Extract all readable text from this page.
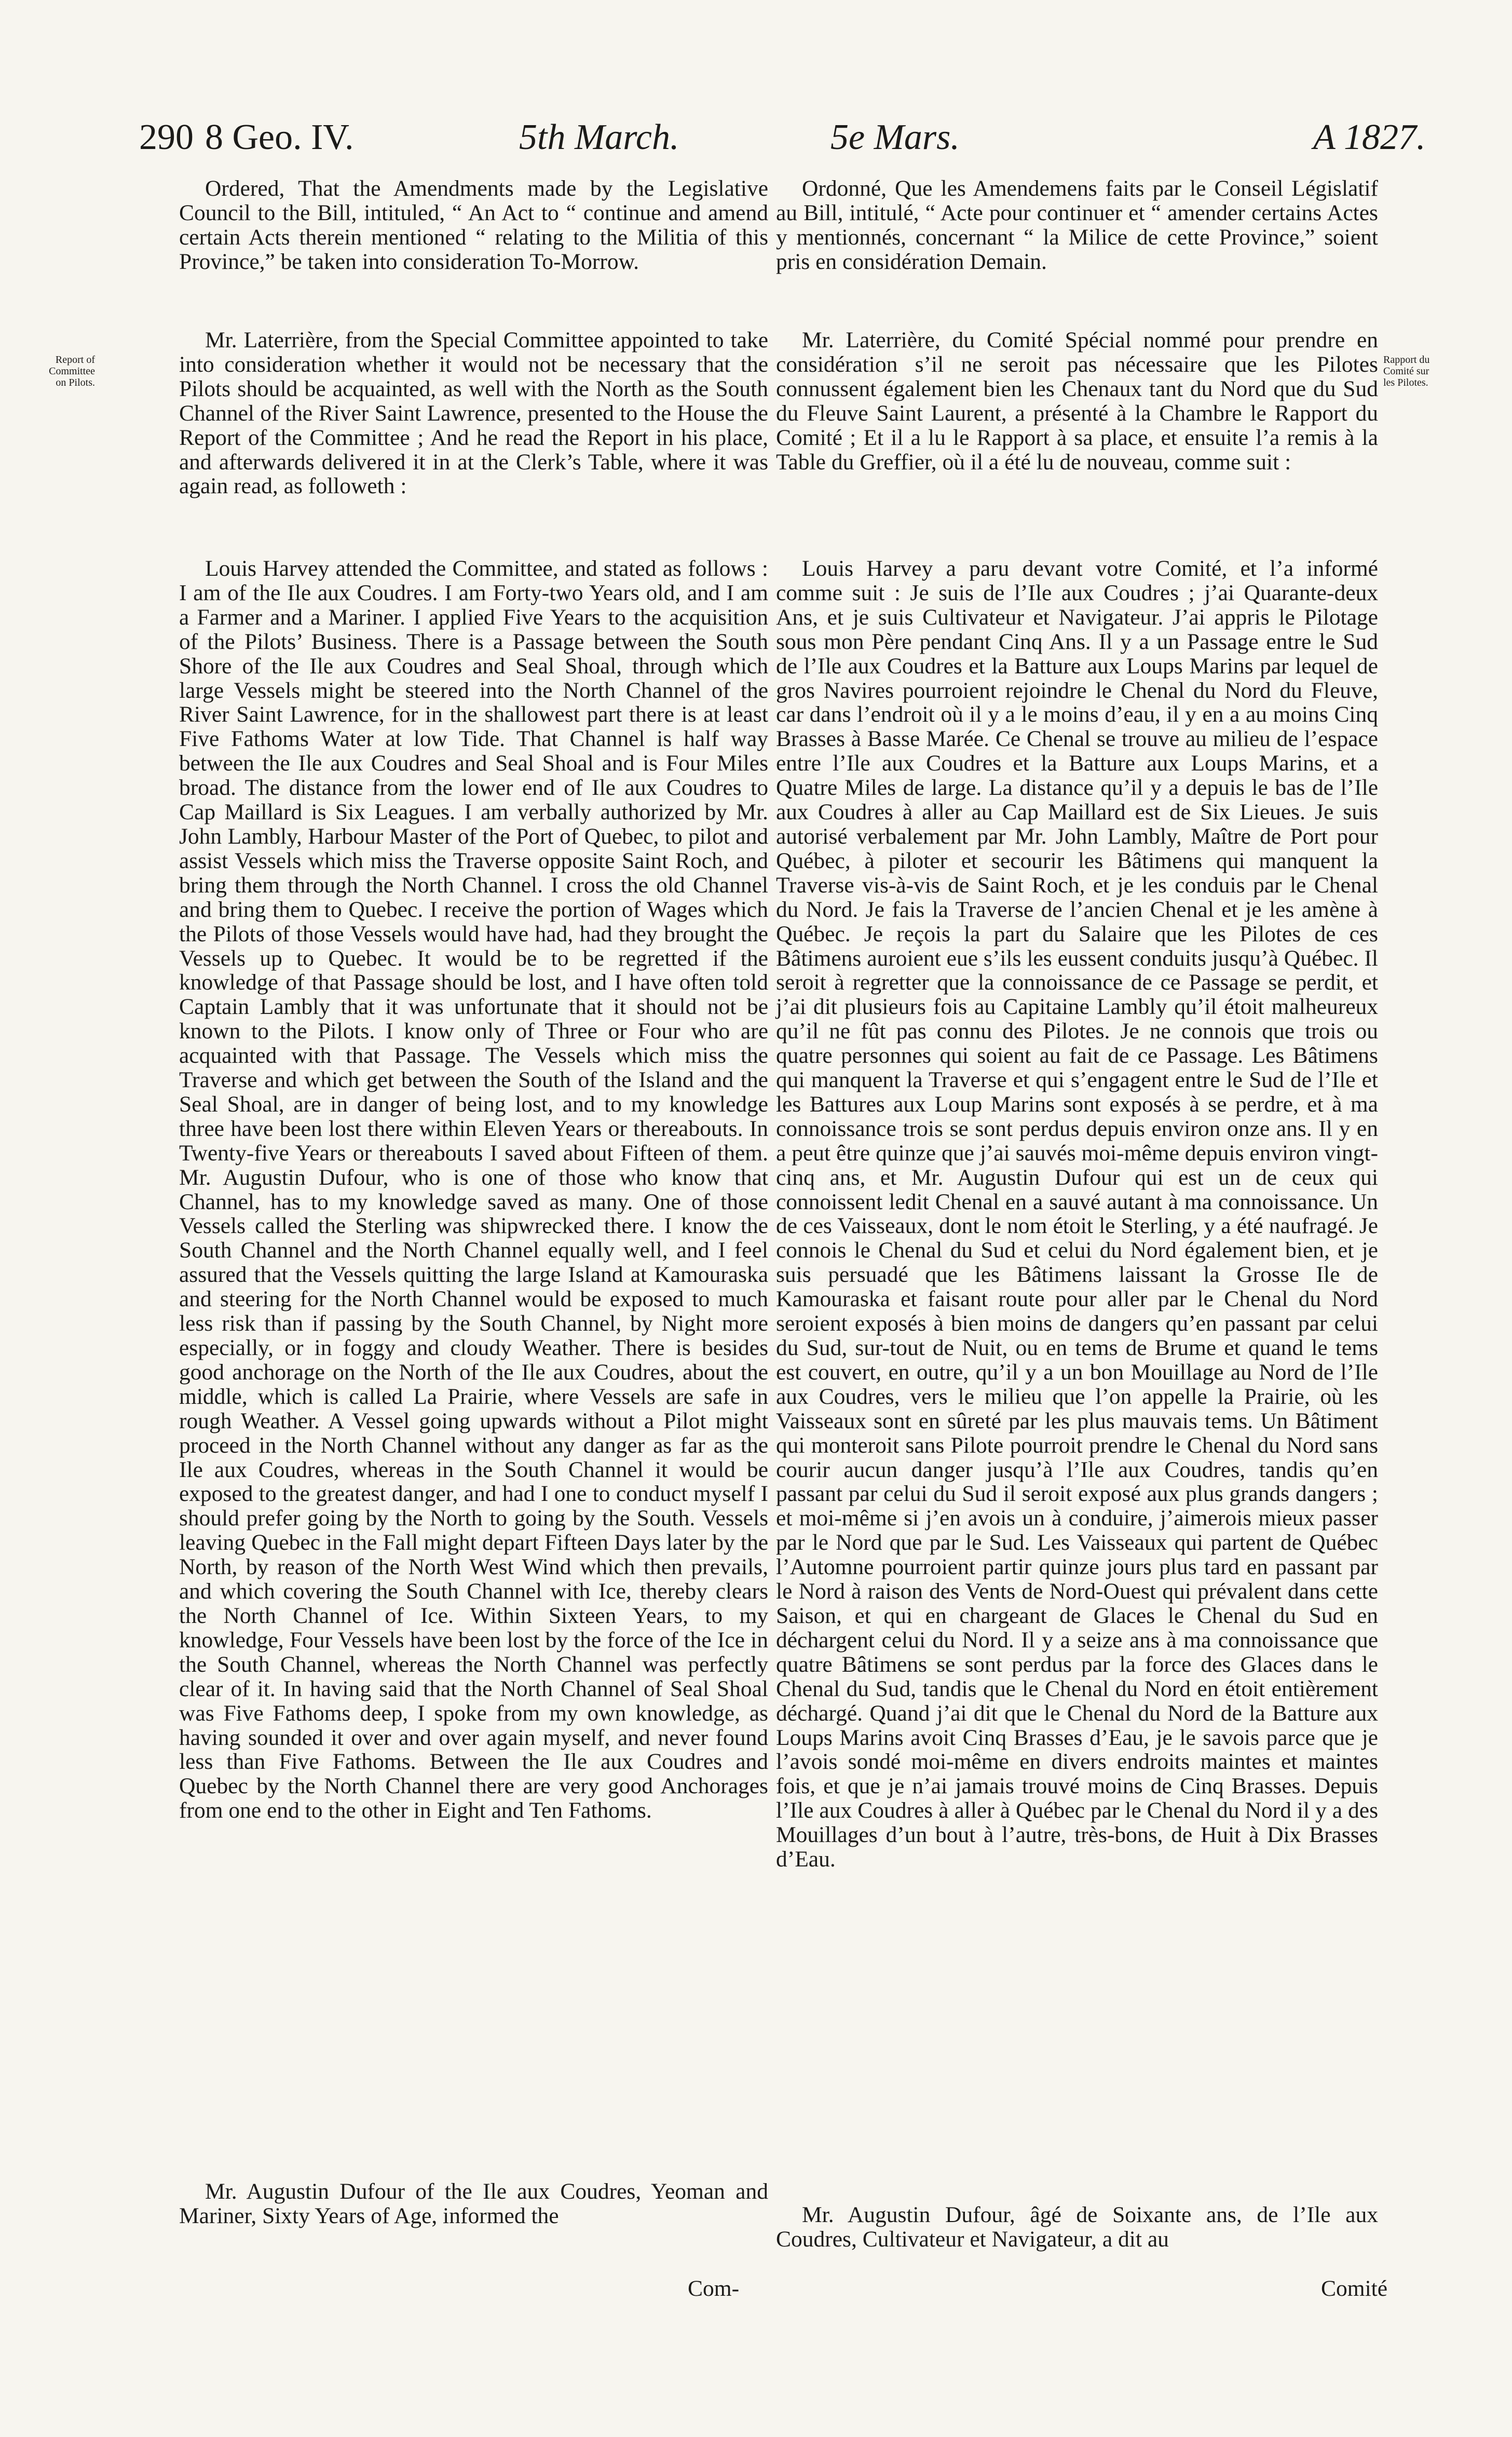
290 8 Geo. IV.	5th March.	5e Mars.	A 1827.
Report of Committee on Pilots.
Rapport du Comité sur les Pilotes.

Ordered, That the Amendments made by the Legislative Council to the Bill, intituled, “ An Act to “ continue and amend certain Acts therein mentioned “ relating to the Militia of this Province,” be taken into consideration To-Morrow.

Mr. Laterrière, from the Special Committee appointed to take into consideration whether it would not be necessary that the Pilots should be acquainted, as well with the North as the South Channel of the River Saint Lawrence, presented to the House the Report of the Committee ; And he read the Report in his place, and afterwards delivered it in at the Clerk’s Table, where it was again read, as followeth :

Louis Harvey attended the Committee, and stated as follows : I am of the Ile aux Coudres. I am Forty-two Years old, and I am a Farmer and a Mariner. I applied Five Years to the acquisition of the Pilots’ Business. There is a Passage between the South Shore of the Ile aux Coudres and Seal Shoal, through which large Vessels might be steered into the North Channel of the River Saint Lawrence, for in the shallowest part there is at least Five Fathoms Water at low Tide. That Channel is half way between the Ile aux Coudres and Seal Shoal and is Four Miles broad. The distance from the lower end of Ile aux Coudres to Cap Maillard is Six Leagues. I am verbally authorized by Mr. John Lambly, Harbour Master of the Port of Quebec, to pilot and assist Vessels which miss the Traverse opposite Saint Roch, and bring them through the North Channel. I cross the old Channel and bring them to Quebec. I receive the portion of Wages which the Pilots of those Vessels would have had, had they brought the Vessels up to Quebec. It would be to be regretted if the knowledge of that Passage should be lost, and I have often told Captain Lambly that it was unfortunate that it should not be known to the Pilots. I know only of Three or Four who are acquainted with that Passage. The Vessels which miss the Traverse and which get between the South of the Island and the Seal Shoal, are in danger of being lost, and to my knowledge three have been lost there within Eleven Years or thereabouts. In Twenty-five Years or thereabouts I saved about Fifteen of them. Mr. Augustin Dufour, who is one of those who know that Channel, has to my knowledge saved as many. One of those Vessels called the Sterling was shipwrecked there. I know the South Channel and the North Channel equally well, and I feel assured that the Vessels quitting the large Island at Kamouraska and steering for the North Channel would be exposed to much less risk than if passing by the South Channel, by Night more especially, or in foggy and cloudy Weather. There is besides good anchorage on the North of the Ile aux Coudres, about the middle, which is called La Prairie, where Vessels are safe in rough Weather. A Vessel going upwards without a Pilot might proceed in the North Channel without any danger as far as the Ile aux Coudres, whereas in the South Channel it would be exposed to the greatest danger, and had I one to conduct myself I should prefer going by the North to going by the South. Vessels leaving Quebec in the Fall might depart Fifteen Days later by the North, by reason of the North West Wind which then prevails, and which covering the South Channel with Ice, thereby clears the North Channel of Ice. Within Sixteen Years, to my knowledge, Four Vessels have been lost by the force of the Ice in the South Channel, whereas the North Channel was perfectly clear of it. In having said that the North Channel of Seal Shoal was Five Fathoms deep, I spoke from my own knowledge, as having sounded it over and over again myself, and never found less than Five Fathoms. Between the Ile aux Coudres and Quebec by the North Channel there are very good Anchorages from one end to the other in Eight and Ten Fathoms.

Mr. Augustin Dufour of the Ile aux Coudres, Yeoman and Mariner, Sixty Years of Age, informed the

Com-

Ordonné, Que les Amendemens faits par le Conseil Législatif au Bill, intitulé, “ Acte pour continuer et “ amender certains Actes y mentionnés, concernant “ la Milice de cette Province,” soient pris en considération Demain.

Mr. Laterrière, du Comité Spécial nommé pour prendre en considération s’il ne seroit pas nécessaire que les Pilotes connussent également bien les Chenaux tant du Nord que du Sud du Fleuve Saint Laurent, a présenté à la Chambre le Rapport du Comité ; Et il a lu le Rapport à sa place, et ensuite l’a remis à la Table du Greffier, où il a été lu de nouveau, comme suit :

Louis Harvey a paru devant votre Comité, et l’a informé comme suit : Je suis de l’Ile aux Coudres ; j’ai Quarante-deux Ans, et je suis Cultivateur et Navigateur. J’ai appris le Pilotage sous mon Père pendant Cinq Ans. Il y a un Passage entre le Sud de l’Ile aux Coudres et la Batture aux Loups Marins par lequel de gros Navires pourroient rejoindre le Chenal du Nord du Fleuve, car dans l’endroit où il y a le moins d’eau, il y en a au moins Cinq Brasses à Basse Marée. Ce Chenal se trouve au milieu de l’espace entre l’Ile aux Coudres et la Batture aux Loups Marins, et a Quatre Miles de large. La distance qu’il y a depuis le bas de l’Ile aux Coudres à aller au Cap Maillard est de Six Lieues. Je suis autorisé verbalement par Mr. John Lambly, Maître de Port pour Québec, à piloter et secourir les Bâtimens qui manquent la Traverse vis-à-vis de Saint Roch, et je les conduis par le Chenal du Nord. Je fais la Traverse de l’ancien Chenal et je les amène à Québec. Je reçois la part du Salaire que les Pilotes de ces Bâtimens auroient eue s’ils les eussent conduits jusqu’à Québec. Il seroit à regretter que la connoissance de ce Passage se perdit, et j’ai dit plusieurs fois au Capitaine Lambly qu’il étoit malheureux qu’il ne fût pas connu des Pilotes. Je ne connois que trois ou quatre personnes qui soient au fait de ce Passage. Les Bâtimens qui manquent la Traverse et qui s’engagent entre le Sud de l’Ile et les Battures aux Loup Marins sont exposés à se perdre, et à ma connoissance trois se sont perdus depuis environ onze ans. Il y en a peut être quinze que j’ai sauvés moi-même depuis environ vingt-cinq ans, et Mr. Augustin Dufour qui est un de ceux qui connoissent ledit Chenal en a sauvé autant à ma connoissance. Un de ces Vaisseaux, dont le nom étoit le Sterling, y a été naufragé. Je connois le Chenal du Sud et celui du Nord également bien, et je suis persuadé que les Bâtimens laissant la Grosse Ile de Kamouraska et faisant route pour aller par le Chenal du Nord seroient exposés à bien moins de dangers qu’en passant par celui du Sud, sur-tout de Nuit, ou en tems de Brume et quand le tems est couvert, en outre, qu’il y a un bon Mouillage au Nord de l’Ile aux Coudres, vers le milieu que l’on appelle la Prairie, où les Vaisseaux sont en sûreté par les plus mauvais tems. Un Bâtiment qui monteroit sans Pilote pourroit prendre le Chenal du Nord sans courir aucun danger jusqu’à l’Ile aux Coudres, tandis qu’en passant par celui du Sud il seroit exposé aux plus grands dangers ; et moi-même si j’en avois un à conduire, j’aimerois mieux passer par le Nord que par le Sud. Les Vaisseaux qui partent de Québec l’Automne pourroient partir quinze jours plus tard en passant par le Nord à raison des Vents de Nord-Ouest qui prévalent dans cette Saison, et qui en chargeant de Glaces le Chenal du Sud en déchargent celui du Nord. Il y a seize ans à ma connoissance que quatre Bâtimens se sont perdus par la force des Glaces dans le Chenal du Sud, tandis que le Chenal du Nord en étoit entièrement déchargé. Quand j’ai dit que le Chenal du Nord de la Batture aux Loups Marins avoit Cinq Brasses d’Eau, je le savois parce que je l’avois sondé moi-même en divers endroits maintes et maintes fois, et que je n’ai jamais trouvé moins de Cinq Brasses. Depuis l’Ile aux Coudres à aller à Québec par le Chenal du Nord il y a des Mouillages d’un bout à l’autre, très-bons, de Huit à Dix Brasses d’Eau.

Mr. Augustin Dufour, âgé de Soixante ans, de l’Ile aux Coudres, Cultivateur et Navigateur, a dit au

Comité
